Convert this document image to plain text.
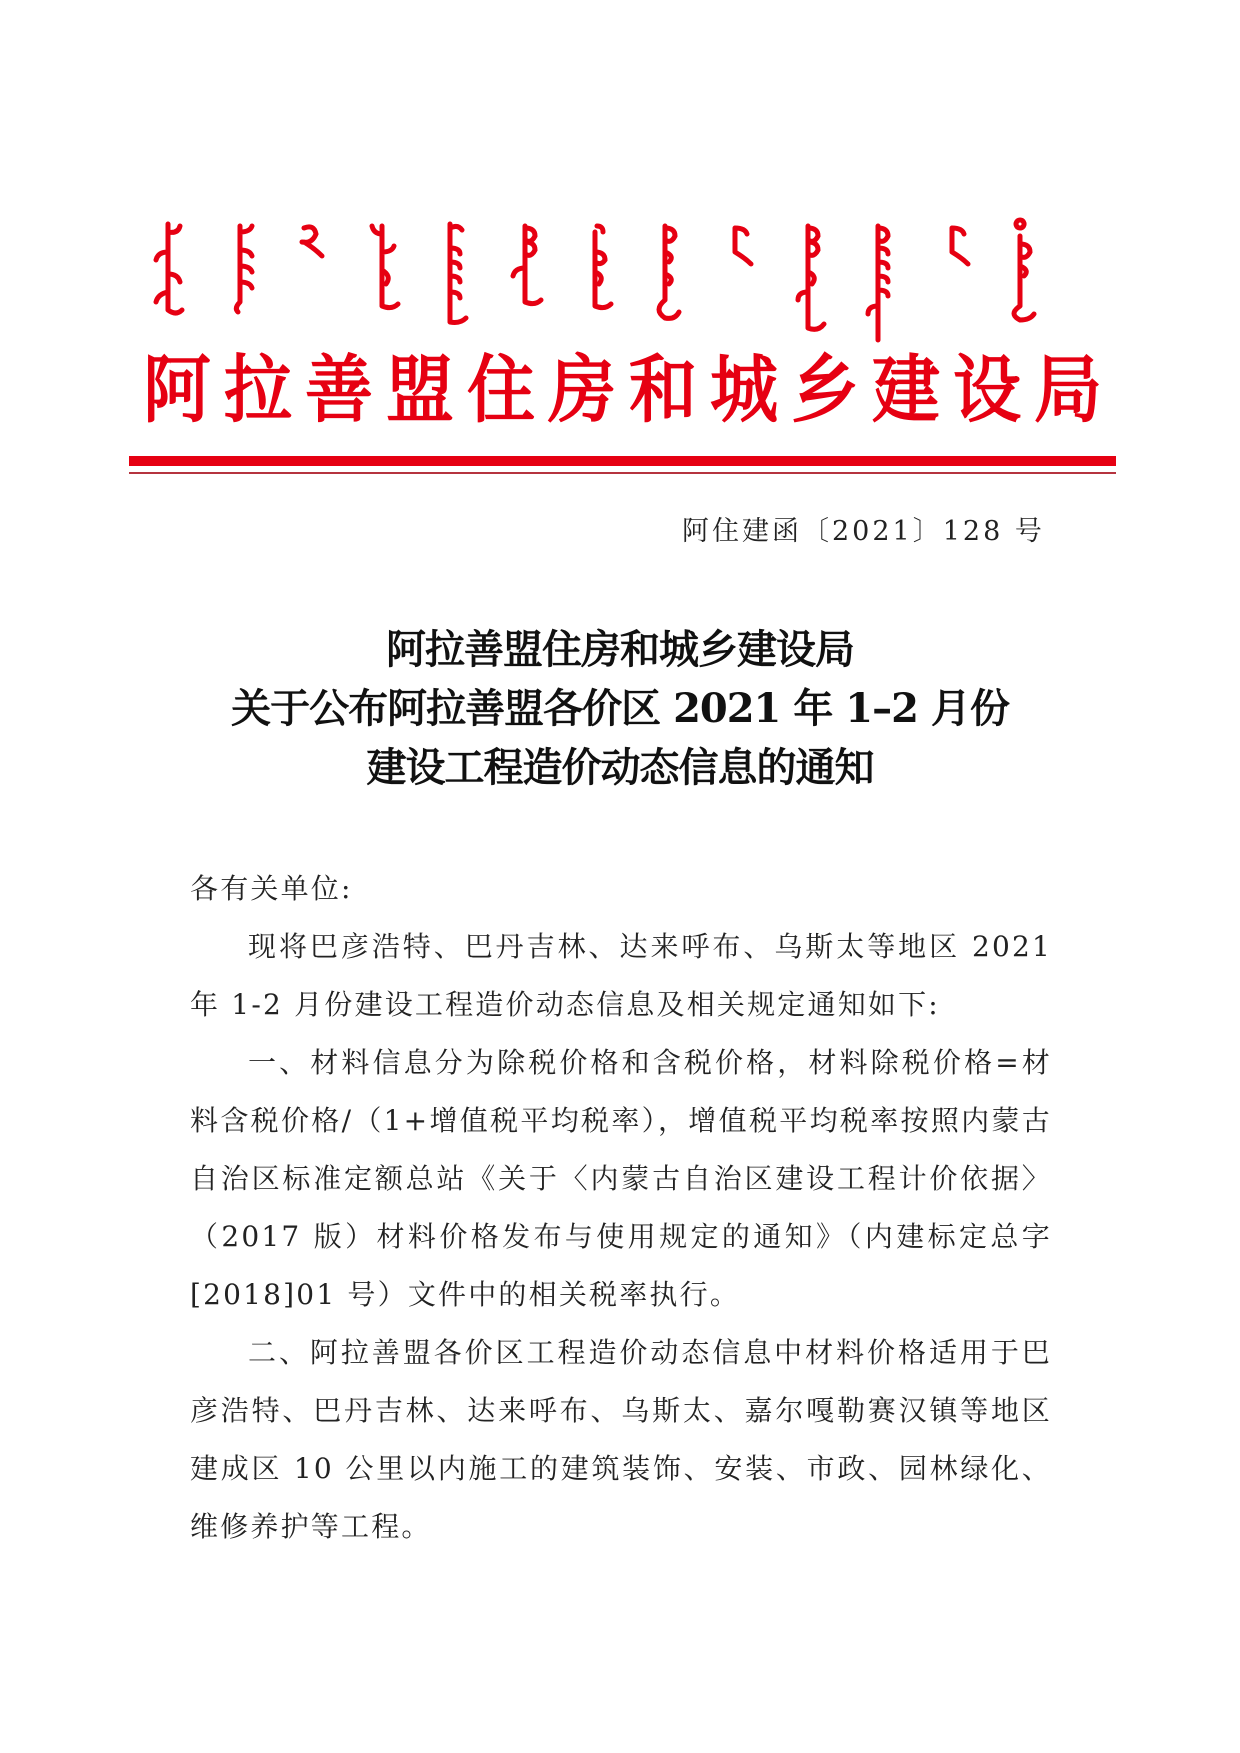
阿 拉 善 盟 住 房 和 城 乡 建 设 局
阿住建函〔2021〕128 号
阿拉善盟住房和城乡建设局
关于公布阿拉善盟各价区 2021 年 1–2 月份
建设工程造价动态信息的通知

各有关单位:

现将巴彦浩特、巴丹吉林、达来呼布、乌斯太等地区 2021 年 1-2 月份建设工程造价动态信息及相关规定通知如下:

一、材料信息分为除税价格和含税价格，材料除税价格=材料含税价格/（1+增值税平均税率），增值税平均税率按照内蒙古自治区标准定额总站《关于〈内蒙古自治区建设工程计价依据〉（2017 版）材料价格发布与使用规定的通知》（内建标定总字[2018]01 号）文件中的相关税率执行。

二、阿拉善盟各价区工程造价动态信息中材料价格适用于巴彦浩特、巴丹吉林、达来呼布、乌斯太、嘉尔嘎勒赛汉镇等地区建成区 10 公里以内施工的建筑装饰、安装、市政、园林绿化、维修养护等工程。
